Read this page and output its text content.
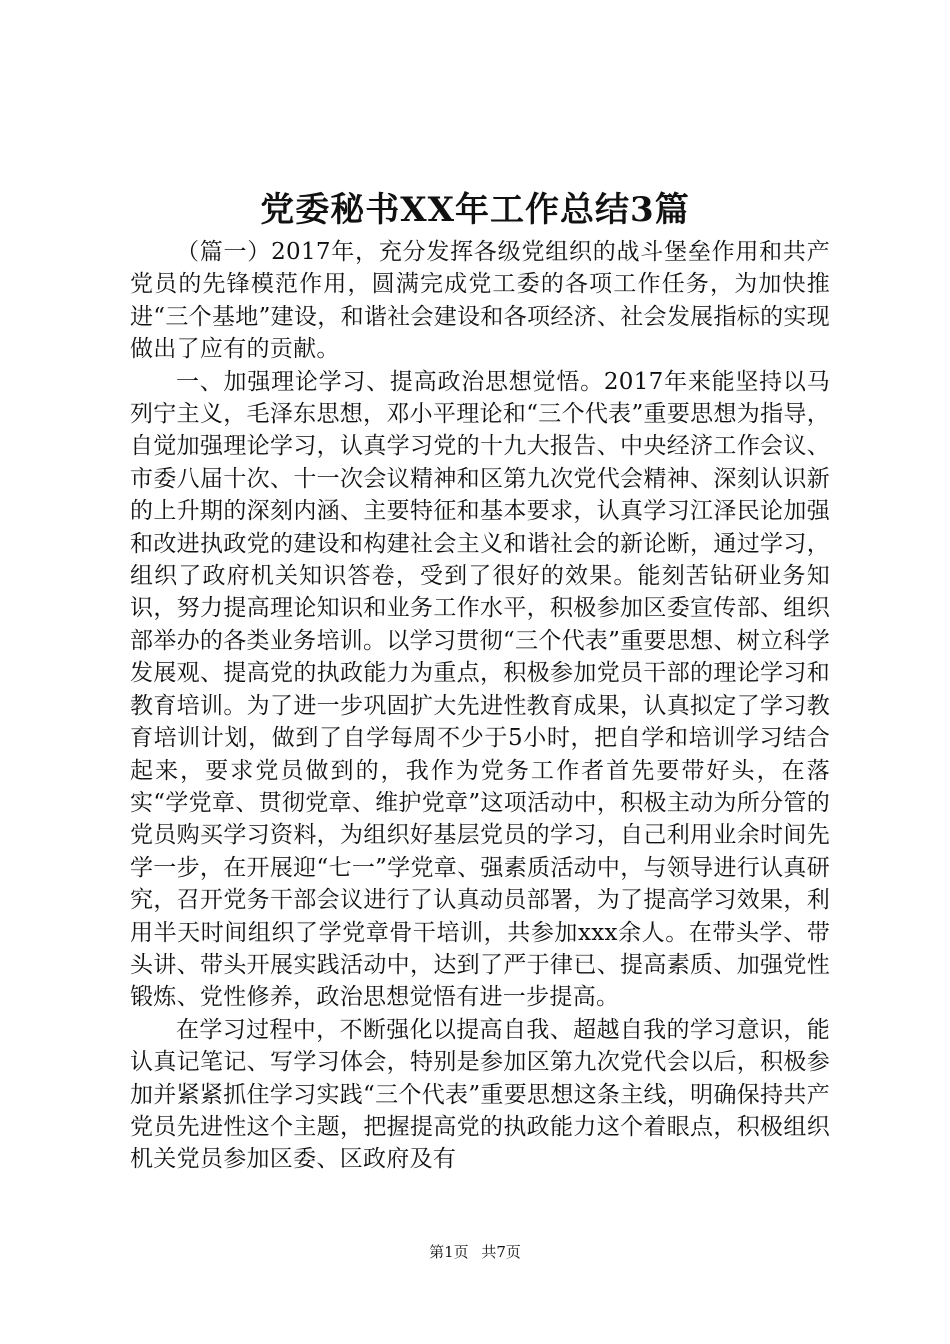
党委秘书XX年工作总结3篇

（篇一）2017年，充分发挥各级党组织的战斗堡垒作用和共产党员的先锋模范作用，圆满完成党工委的各项工作任务，为加快推进“三个基地”建设，和谐社会建设和各项经济、社会发展指标的实现做出了应有的贡献。

一、加强理论学习、提高政治思想觉悟。2017年来能坚持以马列宁主义，毛泽东思想，邓小平理论和“三个代表”重要思想为指导，自觉加强理论学习，认真学习党的十九大报告、中央经济工作会议、市委八届十次、十一次会议精神和区第九次党代会精神、深刻认识新的上升期的深刻内涵、主要特征和基本要求，认真学习江泽民论加强和改进执政党的建设和构建社会主义和谐社会的新论断，通过学习，组织了政府机关知识答卷，受到了很好的效果。能刻苦钻研业务知识，努力提高理论知识和业务工作水平，积极参加区委宣传部、组织部举办的各类业务培训。以学习贯彻“三个代表”重要思想、树立科学发展观、提高党的执政能力为重点，积极参加党员干部的理论学习和教育培训。为了进一步巩固扩大先进性教育成果，认真拟定了学习教育培训计划，做到了自学每周不少于5小时，把自学和培训学习结合起来，要求党员做到的，我作为党务工作者首先要带好头，在落实“学党章、贯彻党章、维护党章”这项活动中，积极主动为所分管的党员购买学习资料，为组织好基层党员的学习，自己利用业余时间先学一步，在开展迎“七一”学党章、强素质活动中，与领导进行认真研究，召开党务干部会议进行了认真动员部署，为了提高学习效果，利用半天时间组织了学党章骨干培训，共参加xxx余人。在带头学、带头讲、带头开展实践活动中，达到了严于律已、提高素质、加强党性锻炼、党性修养，政治思想觉悟有进一步提高。

在学习过程中，不断强化以提高自我、超越自我的学习意识，能认真记笔记、写学习体会，特别是参加区第九次党代会以后，积极参加并紧紧抓住学习实践“三个代表”重要思想这条主线，明确保持共产党员先进性这个主题，把握提高党的执政能力这个着眼点，积极组织机关党员参加区委、区政府及有

第1页 共7页
